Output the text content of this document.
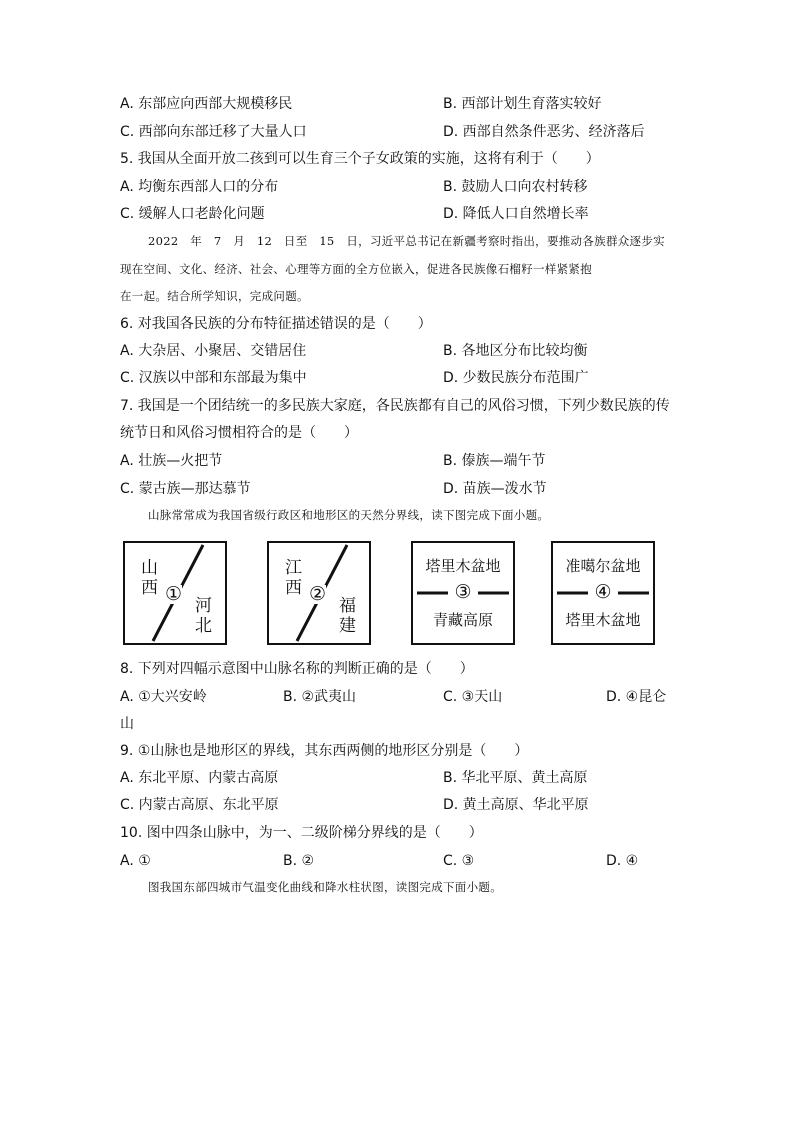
A. 东部应向西部大规模移民	B. 西部计划生育落实较好
C. 西部向东部迁移了大量人口	D. 西部自然条件恶劣、经济落后
5. 我国从全面开放二孩到可以生育三个子女政策的实施，这将有利于（　　）
A. 均衡东西部人口的分布	B. 鼓励人口向农村转移
C. 缓解人口老龄化问题	D. 降低人口自然增长率
2022　年　7　月　12　日至　15　日，习近平总书记在新疆考察时指出，要推动各族群众逐步实
现在空间、文化、经济、社会、心理等方面的全方位嵌入，促进各民族像石榴籽一样紧紧抱
在一起。结合所学知识，完成问题。
6. 对我国各民族的分布特征描述错误的是（　　）
A. 大杂居、小聚居、交错居住	B. 各地区分布比较均衡
C. 汉族以中部和东部最为集中	D. 少数民族分布范围广
7. 我国是一个团结统一的多民族大家庭，各民族都有自己的风俗习惯，下列少数民族的传
统节日和风俗习惯相符合的是（　　）
A. 壮族—火把节	B. 傣族—端午节
C. 蒙古族—那达慕节	D. 苗族—泼水节
山脉常常成为我国省级行政区和地形区的天然分界线，读下图完成下面小题。
山
西 ①
河
北
江
西 ②
福
建
塔里木盆地
③
青藏高原
准噶尔盆地
④
塔里木盆地
8. 下列对四幅示意图中山脉名称的判断正确的是（　　）
A. ①大兴安岭	B. ②武夷山	C. ③天山	D. ④昆仑
山
9. ①山脉也是地形区的界线，其东西两侧的地形区分别是（　　）
A. 东北平原、内蒙古高原	B. 华北平原、黄土高原
C. 内蒙古高原、东北平原	D. 黄土高原、华北平原
10. 图中四条山脉中，为一、二级阶梯分界线的是（　　）
A. ①	B. ②	C. ③	D. ④
图我国东部四城市气温变化曲线和降水柱状图，读图完成下面小题。
